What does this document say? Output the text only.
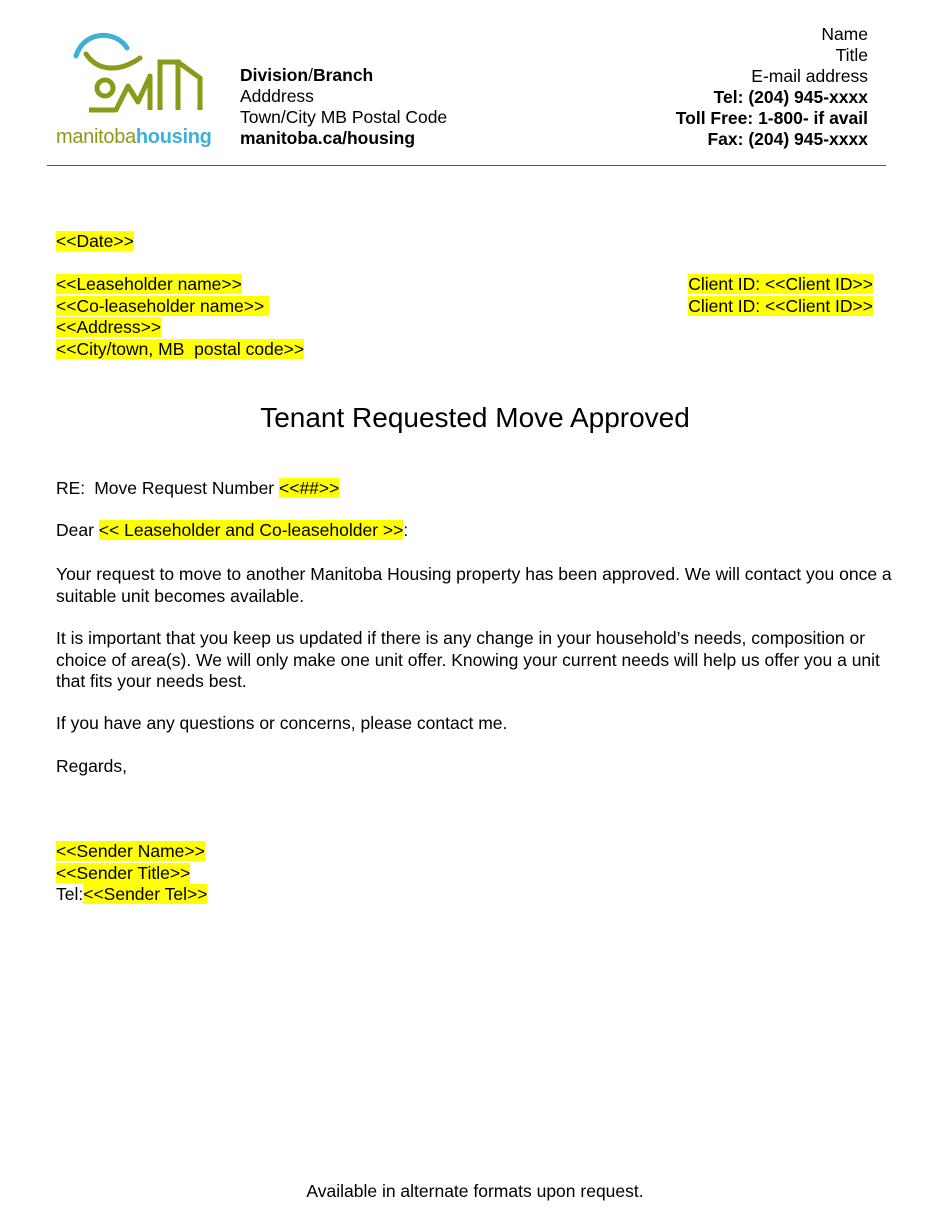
manitobahousing
Division/Branch
Adddress
Town/City MB Postal Code
manitoba.ca/housing
Name
Title
E-mail address
Tel: (204) 945-xxxx
Toll Free: 1-800- if avail
Fax: (204) 945-xxxx
<<Date>>
<<Leaseholder name>>
<<Co-leaseholder name>>
<<Address>>
<<City/town, MB  postal code>>
Client ID: <<Client ID>>
Client ID: <<Client ID>>
Tenant Requested Move Approved
RE: Move Request Number <<##>>
Dear << Leaseholder and Co-leaseholder >>:
Your request to move to another Manitoba Housing property has been approved. We will contact you once a suitable unit becomes available.
It is important that you keep us updated if there is any change in your household’s needs, composition or choice of area(s). We will only make one unit offer. Knowing your current needs will help us offer you a unit that fits your needs best.
If you have any questions or concerns, please contact me.
Regards,
<<Sender Name>>
<<Sender Title>>
Tel:<<Sender Tel>>
Available in alternate formats upon request.
